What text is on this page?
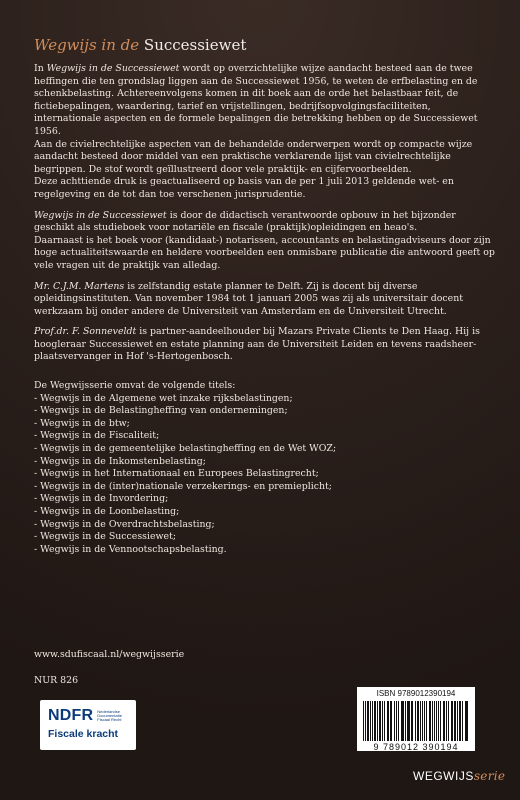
Wegwijs in de Successiewet

In Wegwijs in de Successiewet wordt op overzichtelijke wijze aandacht besteed aan de twee heffingen die ten grondslag liggen aan de Successiewet 1956, te weten de erfbelasting en de schenkbelasting. Achtereenvolgens komen in dit boek aan de orde het belastbaar feit, de fictiebepalingen, waardering, tarief en vrijstellingen, bedrijfsopvolgingsfaciliteiten, internationale aspecten en de formele bepalingen die betrekking hebben op de Successiewet 1956.

Aan de civielrechtelijke aspecten van de behandelde onderwerpen wordt op compacte wijze aandacht besteed door middel van een praktische verklarende lijst van civielrechtelijke begrippen. De stof wordt geïllustreerd door vele praktijk- en cijfervoorbeelden.

Deze achttiende druk is geactualiseerd op basis van de per 1 juli 2013 geldende wet- en regelgeving en de tot dan toe verschenen jurisprudentie.

Wegwijs in de Successiewet is door de didactisch verantwoorde opbouw in het bijzonder geschikt als studieboek voor notariële en fiscale (praktijk)opleidingen en heao's.

Daarnaast is het boek voor (kandidaat-) notarissen, accountants en belastingadviseurs door zijn hoge actualiteitswaarde en heldere voorbeelden een onmisbare publicatie die antwoord geeft op vele vragen uit de praktijk van alledag.

Mr. C.J.M. Martens is zelfstandig estate planner te Delft. Zij is docent bij diverse opleidingsinstituten. Van november 1984 tot 1 januari 2005 was zij als universitair docent werkzaam bij onder andere de Universiteit van Amsterdam en de Universiteit Utrecht.

Prof.dr. F. Sonneveldt is partner-aandeelhouder bij Mazars Private Clients te Den Haag. Hij is hoogleraar Successiewet en estate planning aan de Universiteit Leiden en tevens raadsheer-plaatsvervanger in Hof 's-Hertogenbosch.

De Wegwijsserie omvat de volgende titels:

- Wegwijs in de Algemene wet inzake rijksbelastingen;
- Wegwijs in de Belastingheffing van ondernemingen;
- Wegwijs in de btw;
- Wegwijs in de Fiscaliteit;
- Wegwijs in de gemeentelijke belastingheffing en de Wet WOZ;
- Wegwijs in de Inkomstenbelasting;
- Wegwijs in het Internationaal en Europees Belastingrecht;
- Wegwijs in de (inter)nationale verzekerings- en premieplicht;
- Wegwijs in de Invordering;
- Wegwijs in de Loonbelasting;
- Wegwijs in de Overdrachtsbelasting;
- Wegwijs in de Successiewet;
- Wegwijs in de Vennootschapsbelasting.
www.sdufiscaal.nl/wegwijsserie
NUR 826
NDFR Nederlandse Documentatie Fiscaal Recht
Fiscale kracht
ISBN 9789012390194
9 789012 390194
WEGWIJSserie
